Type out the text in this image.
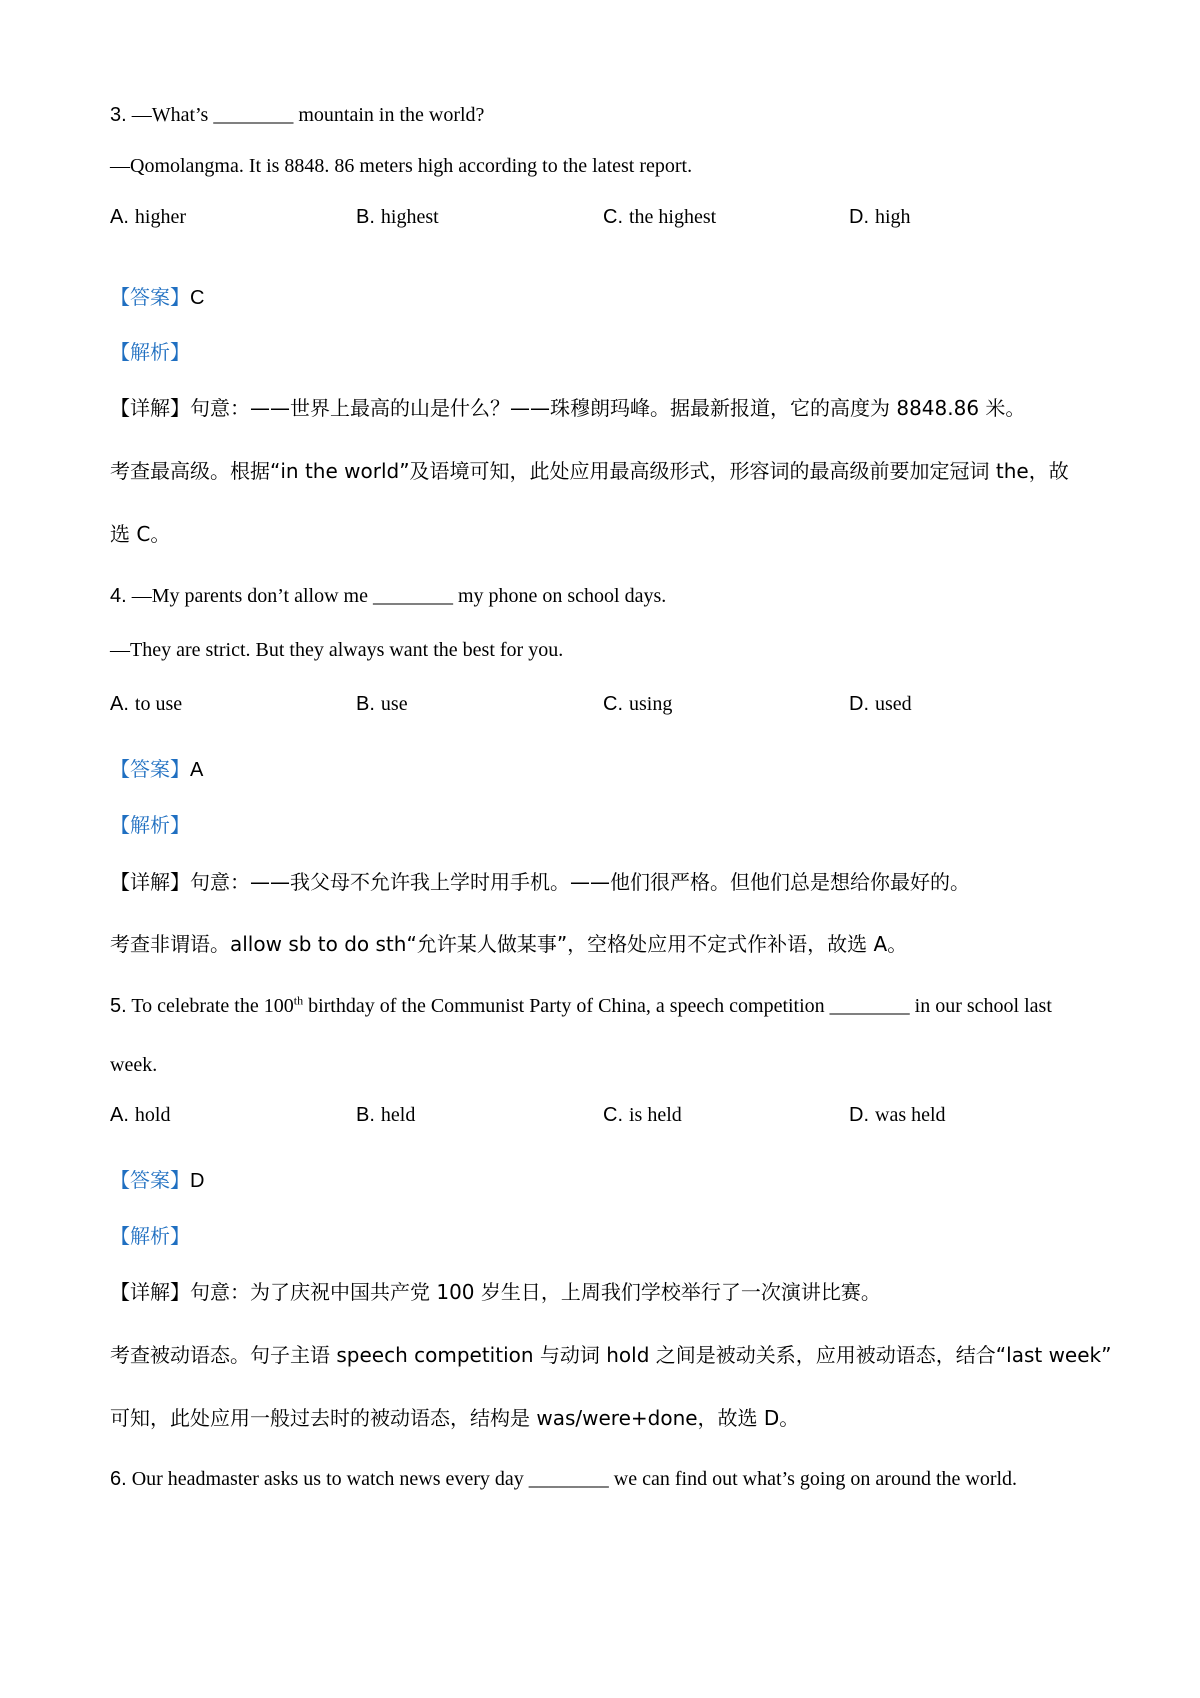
3. —What’s ________ mountain in the world?
—Qomolangma. It is 8848. 86 meters high according to the latest report.
A. higher	B. highest	C. the highest	D. high
【答案】C
【解析】
【详解】句意：——世界上最高的山是什么？——珠穆朗玛峰。据最新报道，它的高度为 8848.86 米。
考查最高级。根据“in the world”及语境可知，此处应用最高级形式，形容词的最高级前要加定冠词 the，故
选 C。
4. —My parents don’t allow me ________ my phone on school days.
—They are strict. But they always want the best for you.
A. to use	B. use	C. using	D. used
【答案】A
【解析】
【详解】句意：——我父母不允许我上学时用手机。——他们很严格。但他们总是想给你最好的。
考查非谓语。allow sb to do sth“允许某人做某事”，空格处应用不定式作补语，故选 A。
5. To celebrate the 100th birthday of the Communist Party of China, a speech competition ________ in our school last
week.
A. hold	B. held	C. is held	D. was held
【答案】D
【解析】
【详解】句意：为了庆祝中国共产党 100 岁生日，上周我们学校举行了一次演讲比赛。
考查被动语态。句子主语 speech competition 与动词 hold 之间是被动关系，应用被动语态，结合“last week”
可知，此处应用一般过去时的被动语态，结构是 was/were+done，故选 D。
6. Our headmaster asks us to watch news every day ________ we can find out what’s going on around the world.
